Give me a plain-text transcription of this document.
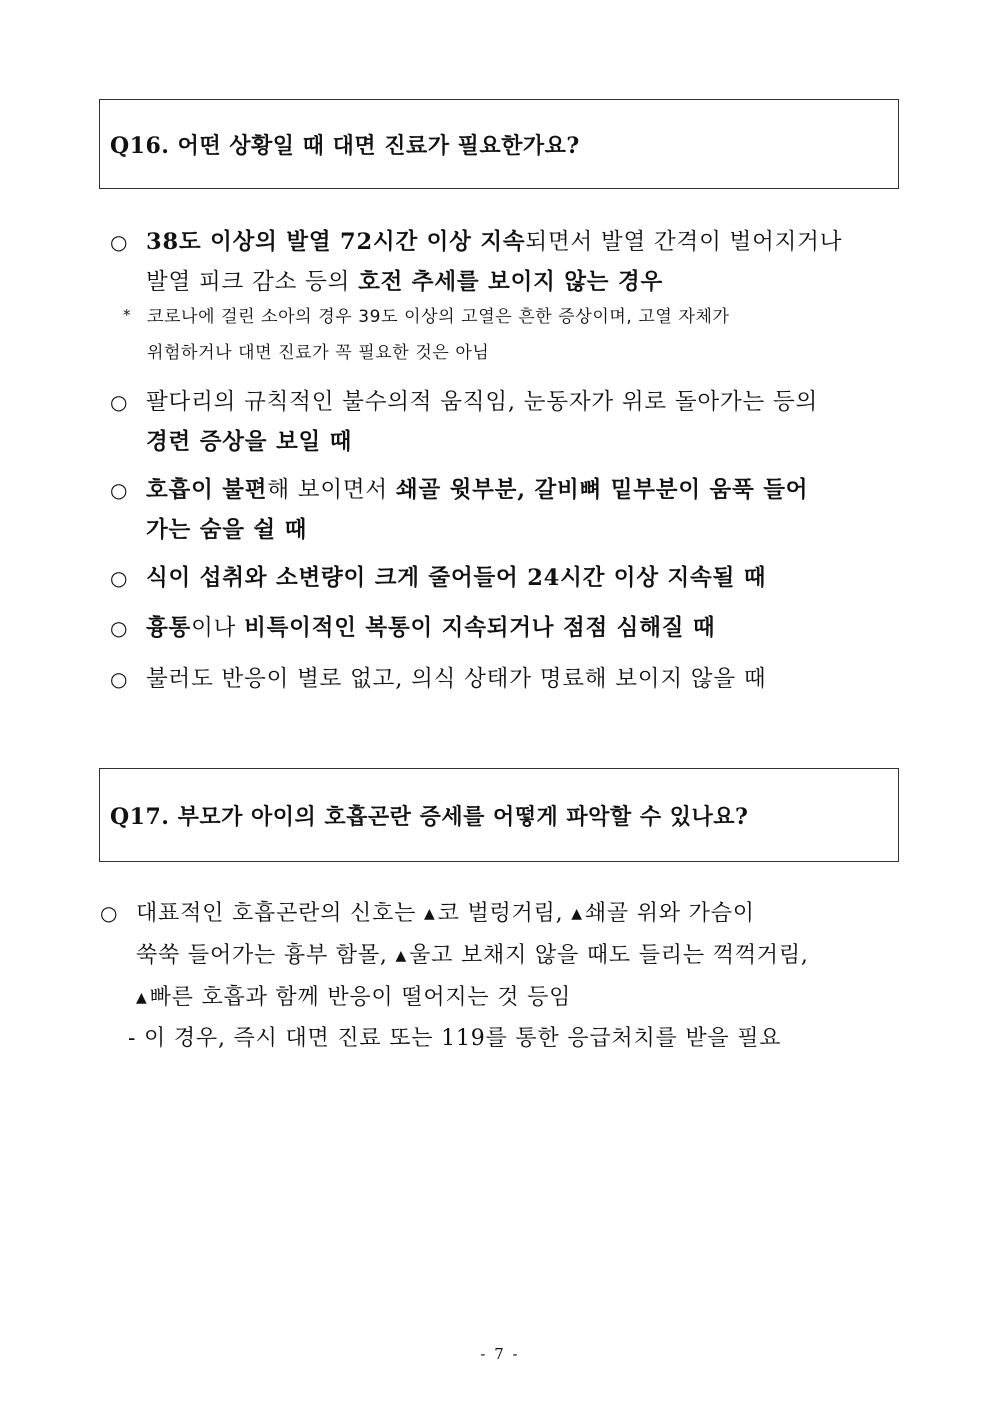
Q16. 어떤 상황일 때 대면 진료가 필요한가요?
○ 38도 이상의 발열 72시간 이상 지속되면서 발열 간격이 벌어지거나
발열 피크 감소 등의 호전 추세를 보이지 않는 경우
* 코로나에 걸린 소아의 경우 39도 이상의 고열은 흔한 증상이며, 고열 자체가
위험하거나 대면 진료가 꼭 필요한 것은 아님
○ 팔다리의 규칙적인 불수의적 움직임, 눈동자가 위로 돌아가는 등의
경련 증상을 보일 때
○ 호흡이 불편해 보이면서 쇄골 윗부분, 갈비뼈 밑부분이 움푹 들어
가는 숨을 쉴 때
○ 식이 섭취와 소변량이 크게 줄어들어 24시간 이상 지속될 때
○ 흉통이나 비특이적인 복통이 지속되거나 점점 심해질 때
○ 불러도 반응이 별로 없고, 의식 상태가 명료해 보이지 않을 때
Q17. 부모가 아이의 호흡곤란 증세를 어떻게 파악할 수 있나요?
○ 대표적인 호흡곤란의 신호는 ▲코 벌렁거림, ▲쇄골 위와 가슴이
쑥쑥 들어가는 흉부 함몰, ▲울고 보채지 않을 때도 들리는 꺽꺽거림,
▲빠른 호흡과 함께 반응이 떨어지는 것 등임
- 이 경우, 즉시 대면 진료 또는 119를 통한 응급처치를 받을 필요
- 7 -
